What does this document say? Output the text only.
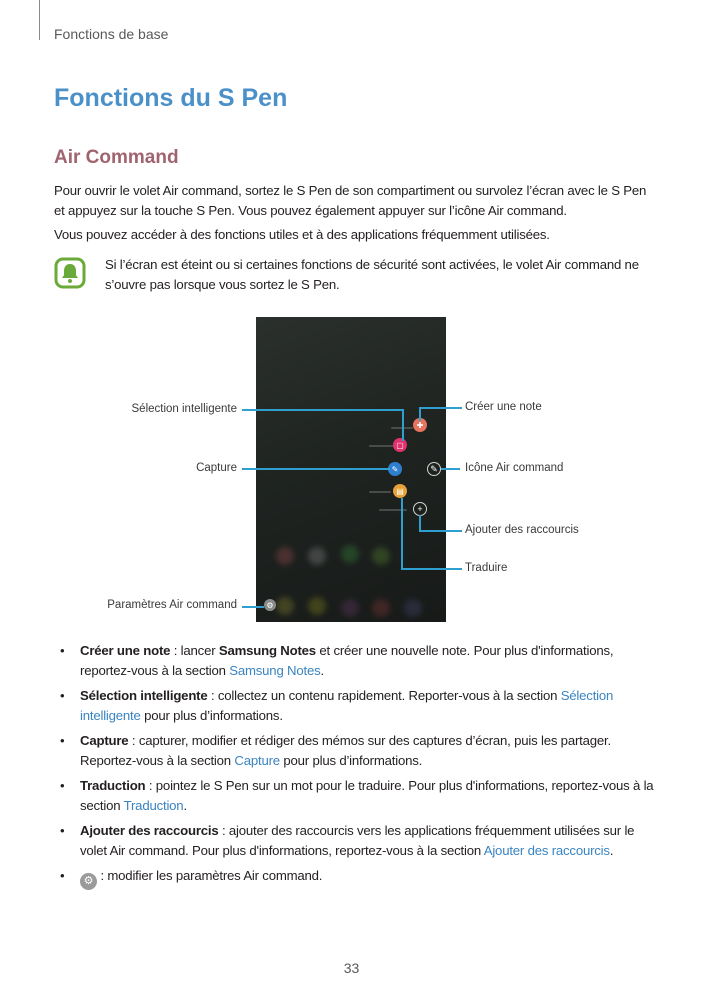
Fonctions de base
Fonctions du S Pen
Air Command
Pour ouvrir le volet Air command, sortez le S Pen de son compartiment ou survolez l’écran avec le S Pen et appuyez sur la touche S Pen. Vous pouvez également appuyer sur l’icône Air command.
Vous pouvez accéder à des fonctions utiles et à des applications fréquemment utilisées.
Si l’écran est éteint ou si certaines fonctions de sécurité sont activées, le volet Air command ne s’ouvre pas lorsque vous sortez le S Pen.
✚
▢
✎	✎
▤
+
⚙
Sélection intelligente
Capture
Paramètres Air command
Créer une note
Icône Air command
Ajouter des raccourcis
Traduire
• Créer une note : lancer Samsung Notes et créer une nouvelle note. Pour plus d'informations, reportez-vous à la section Samsung Notes.
• Sélection intelligente : collectez un contenu rapidement. Reporter-vous à la section Sélection intelligente pour plus d’informations.
• Capture : capturer, modifier et rédiger des mémos sur des captures d’écran, puis les partager. Reportez-vous à la section Capture pour plus d’informations.
• Traduction : pointez le S Pen sur un mot pour le traduire. Pour plus d'informations, reportez-vous à la section Traduction.
• Ajouter des raccourcis : ajouter des raccourcis vers les applications fréquemment utilisées sur le volet Air command. Pour plus d'informations, reportez-vous à la section Ajouter des raccourcis.
• ⚙ : modifier les paramètres Air command.
33
